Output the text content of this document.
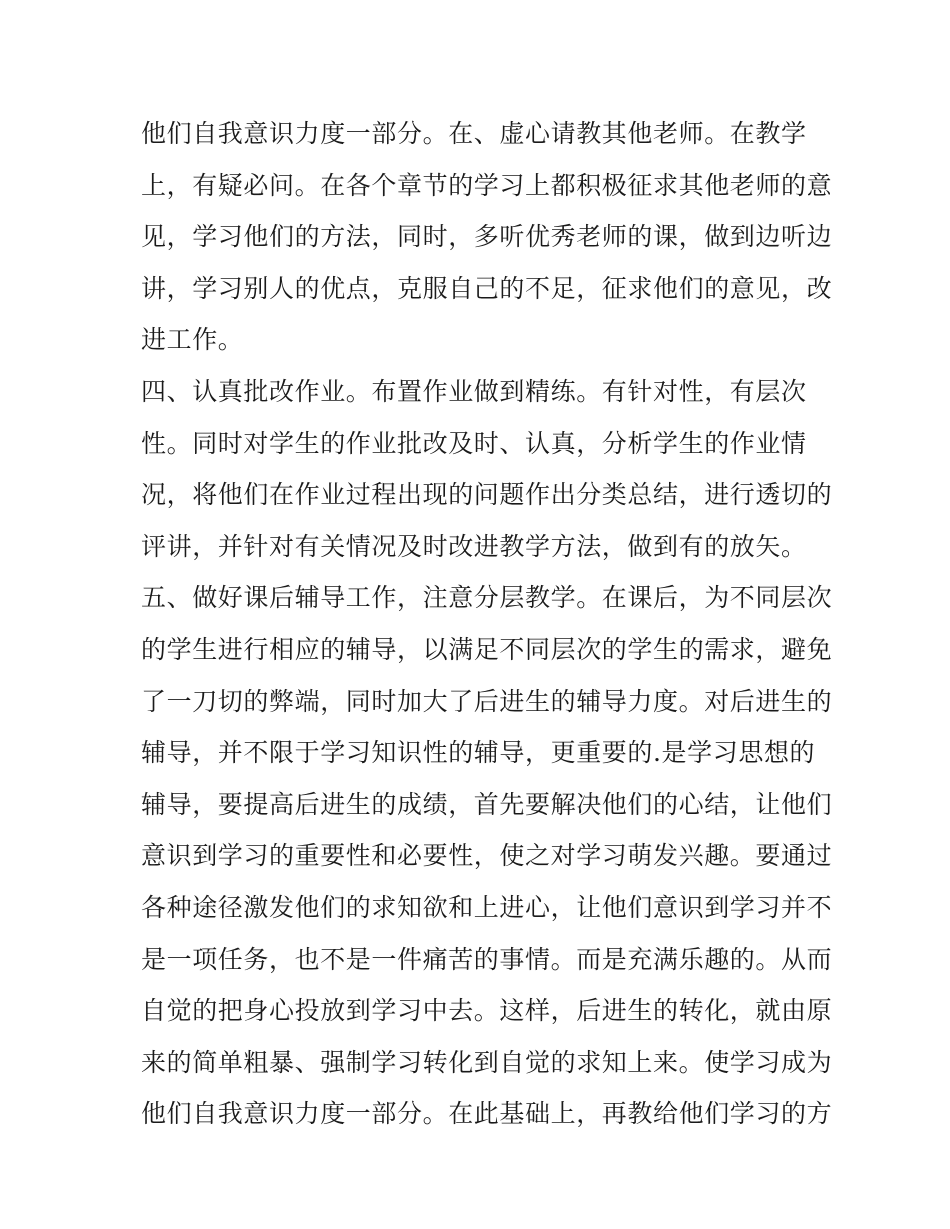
他们自我意识力度一部分。在、虚心请教其他老师。在教学
上，有疑必问。在各个章节的学习上都积极征求其他老师的意
见，学习他们的方法，同时，多听优秀老师的课，做到边听边
讲，学习别人的优点，克服自己的不足，征求他们的意见，改
进工作。
四、认真批改作业。布置作业做到精练。有针对性，有层次
性。同时对学生的作业批改及时、认真，分析学生的作业情
况，将他们在作业过程出现的问题作出分类总结，进行透切的
评讲，并针对有关情况及时改进教学方法，做到有的放矢。
五、做好课后辅导工作，注意分层教学。在课后，为不同层次
的学生进行相应的辅导，以满足不同层次的学生的需求，避免
了一刀切的弊端，同时加大了后进生的辅导力度。对后进生的
辅导，并不限于学习知识性的辅导，更重要的.是学习思想的
辅导，要提高后进生的成绩，首先要解决他们的心结，让他们
意识到学习的重要性和必要性，使之对学习萌发兴趣。要通过
各种途径激发他们的求知欲和上进心，让他们意识到学习并不
是一项任务，也不是一件痛苦的事情。而是充满乐趣的。从而
自觉的把身心投放到学习中去。这样，后进生的转化，就由原
来的简单粗暴、强制学习转化到自觉的求知上来。使学习成为
他们自我意识力度一部分。在此基础上，再教给他们学习的方
